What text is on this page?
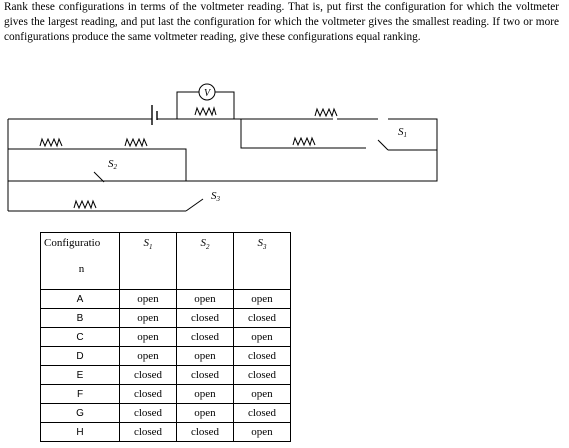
Rank these configurations in terms of the voltmeter reading. That is, put first the configuration for which the voltmeter gives the largest reading, and put last the configuration for which the voltmeter gives the smallest reading. If two or more configurations produce the same voltmeter reading, give these configurations equal ranking.

V
S1
S2
S3
Configuratio
n	$S_1$	$S_2$	$S_3$
A	open	open	open
B	open	closed	closed
C	open	closed	open
D	open	open	closed
E	closed	closed	closed
F	closed	open	open
G	closed	open	closed
H	closed	closed	open
